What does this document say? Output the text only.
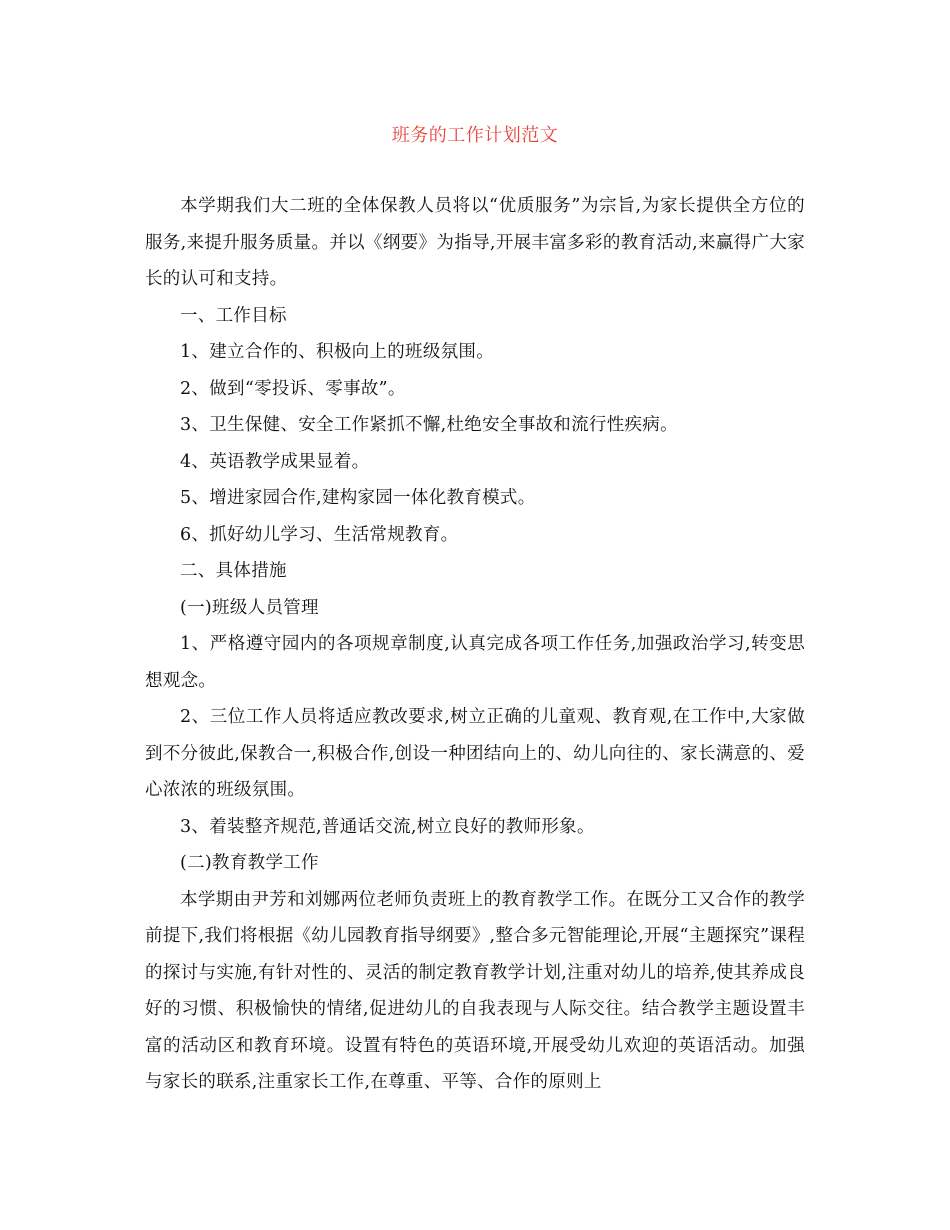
班务的工作计划范文

本学期我们大二班的全体保教人员将以“优质服务”为宗旨,为家长提供全方位的服务,来提升服务质量。并以《纲要》为指导,开展丰富多彩的教育活动,来赢得广大家长的认可和支持。

一、工作目标

1、建立合作的、积极向上的班级氛围。

2、做到“零投诉、零事故”。

3、卫生保健、安全工作紧抓不懈,杜绝安全事故和流行性疾病。

4、英语教学成果显着。

5、增进家园合作,建构家园一体化教育模式。

6、抓好幼儿学习、生活常规教育。

二、具体措施

(一)班级人员管理

1、严格遵守园内的各项规章制度,认真完成各项工作任务,加强政治学习,转变思想观念。

2、三位工作人员将适应教改要求,树立正确的儿童观、教育观,在工作中,大家做到不分彼此,保教合一,积极合作,创设一种团结向上的、幼儿向往的、家长满意的、爱心浓浓的班级氛围。

3、着装整齐规范,普通话交流,树立良好的教师形象。

(二)教育教学工作

本学期由尹芳和刘娜两位老师负责班上的教育教学工作。在既分工又合作的教学前提下,我们将根据《幼儿园教育指导纲要》,整合多元智能理论,开展“主题探究”课程的探讨与实施,有针对性的、灵活的制定教育教学计划,注重对幼儿的培养,使其养成良好的习惯、积极愉快的情绪,促进幼儿的自我表现与人际交往。结合教学主题设置丰富的活动区和教育环境。设置有特色的英语环境,开展受幼儿欢迎的英语活动。加强与家长的联系,注重家长工作,在尊重、平等、合作的原则上
